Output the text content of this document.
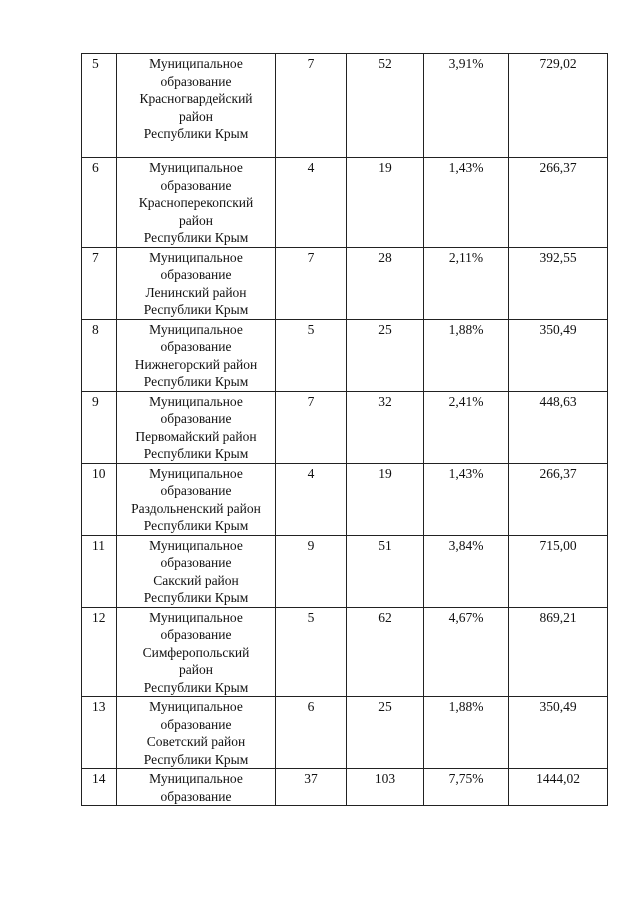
5	Муниципальное
образование
Красногвардейский
район
Республики Крым	7	52	3,91%	729,02
6	Муниципальное
образование
Красноперекопский
район
Республики Крым	4	19	1,43%	266,37
7	Муниципальное
образование
Ленинский район
Республики Крым	7	28	2,11%	392,55
8	Муниципальное
образование
Нижнегорский район
Республики Крым	5	25	1,88%	350,49
9	Муниципальное
образование
Первомайский район
Республики Крым	7	32	2,41%	448,63
10	Муниципальное
образование
Раздольненский район
Республики Крым	4	19	1,43%	266,37
11	Муниципальное
образование
Сакский район
Республики Крым	9	51	3,84%	715,00
12	Муниципальное
образование
Симферопольский
район
Республики Крым	5	62	4,67%	869,21
13	Муниципальное
образование
Советский район
Республики Крым	6	25	1,88%	350,49
14	Муниципальное
образование	37	103	7,75%	1444,02
